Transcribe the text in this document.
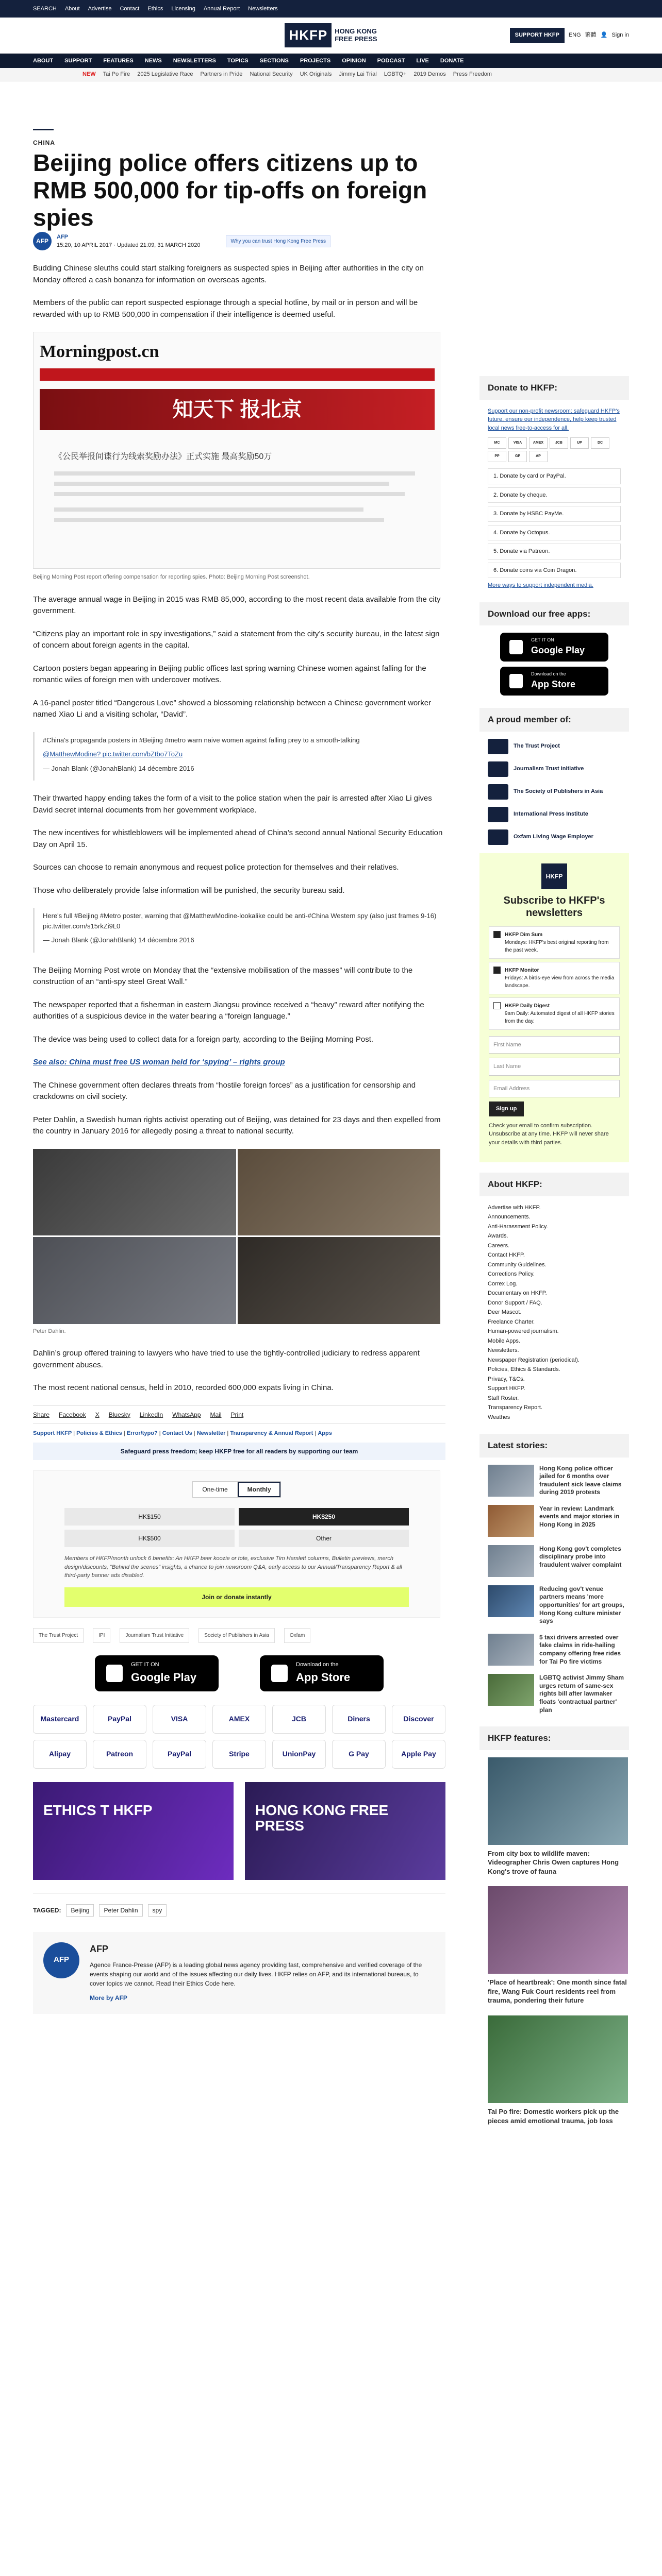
SEARCH About Advertise Contact Ethics Licensing Annual Report Newsletters
HKFP	HONG KONG
FREE PRESS	SUPPORT HKFP	ENG 繁體 👤 Sign in
ABOUT SUPPORT FEATURES NEWS NEWSLETTERS TOPICS SECTIONS PROJECTS OPINION PODCAST LIVE DONATE
NEW Tai Po Fire 2025 Legislative Race Partners in Pride National Security UK Originals Jimmy Lai Trial LGBTQ+ 2019 Demos Press Freedom
CHINA
Beijing police offers citizens up to RMB 500,000 for tip-offs on foreign spies
AFP
AFP
15:20, 10 APRIL 2017 · Updated 21:09, 31 MARCH 2020
Why you can trust Hong Kong Free Press

Budding Chinese sleuths could start stalking foreigners as suspected spies in Beijing after authorities in the city on Monday offered a cash bonanza for information on overseas agents.

Members of the public can report suspected espionage through a special hotline, by mail or in person and will be rewarded with up to RMB 500,000 in compensation if their intelligence is deemed useful.

Morningpost.cn
知天下 报北京
《公民举报间谍行为线索奖励办法》正式实施 最高奖励50万
Beijing Morning Post report offering compensation for reporting spies. Photo: Beijing Morning Post screenshot.

The average annual wage in Beijing in 2015 was RMB 85,000, according to the most recent data available from the city government.

“Citizens play an important role in spy investigations,” said a statement from the city’s security bureau, in the latest sign of concern about foreign agents in the capital.

Cartoon posters began appearing in Beijing public offices last spring warning Chinese women against falling for the romantic wiles of foreign men with undercover motives.

A 16-panel poster titled “Dangerous Love” showed a blossoming relationship between a Chinese government worker named Xiao Li and a visiting scholar, “David”.

#China's propaganda posters in #Beijing #metro warn naive women against falling prey to a smooth-talking

@MatthewModine? pic.twitter.com/bZtbo7ToZu

— Jonah Blank (@JonahBlank) 14 décembre 2016

Their thwarted happy ending takes the form of a visit to the police station when the pair is arrested after Xiao Li gives David secret internal documents from her government workplace.

The new incentives for whistleblowers will be implemented ahead of China’s second annual National Security Education Day on April 15.

Sources can choose to remain anonymous and request police protection for themselves and their relatives.

Those who deliberately provide false information will be punished, the security bureau said.

Here's full #Beijing #Metro poster, warning that @MatthewModine-lookalike could be anti-#China Western spy (also just frames 9-16) pic.twitter.com/s15rkZi9L0

— Jonah Blank (@JonahBlank) 14 décembre 2016

The Beijing Morning Post wrote on Monday that the “extensive mobilisation of the masses” will contribute to the construction of an “anti-spy steel Great Wall.”

The newspaper reported that a fisherman in eastern Jiangsu province received a “heavy” reward after notifying the authorities of a suspicious device in the water bearing a “foreign language.”

The device was being used to collect data for a foreign party, according to the Beijing Morning Post.

See also: China must free US woman held for ‘spying’ – rights group

The Chinese government often declares threats from “hostile foreign forces” as a justification for censorship and crackdowns on civil society.

Peter Dahlin, a Swedish human rights activist operating out of Beijing, was detained for 23 days and then expelled from the country in January 2016 for allegedly posing a threat to national security.

Peter Dahlin.

Dahlin’s group offered training to lawyers who have tried to use the tightly-controlled judiciary to redress apparent government abuses.

The most recent national census, held in 2010, recorded 600,000 expats living in China.

Share Facebook X Bluesky LinkedIn WhatsApp Mail Print
Support HKFP | Policies & Ethics | Error/typo? | Contact Us | Newsletter | Transparency & Annual Report | Apps
Safeguard press freedom; keep HKFP free for all readers by supporting our team
One-time	Monthly
HK$150	HK$250
HK$500	Other
Members of HKFP/month unlock 6 benefits: An HKFP beer koozie or tote, exclusive Tim Hamlett columns, Bulletin previews, merch design/discounts, “Behind the scenes” insights, a chance to join newsroom Q&A, early access to our Annual/Transparency Report & all third-party banner ads disabled.
Join or donate instantly
The Trust Project	IPI	Journalism Trust Initiative	Society of Publishers in Asia	Oxfam
GET IT ON
Google Play
Download on the
App Store
Mastercard	PayPal	VISA	AMEX	JCB	Diners	Discover
Alipay	Patreon	PayPal	Stripe	UnionPay	G Pay	Apple Pay
ETHICS T HKFP	HONG KONG FREE PRESS
TAGGED:	Beijing	Peter Dahlin	spy
AFP
AFP

Agence France-Presse (AFP) is a leading global news agency providing fast, comprehensive and verified coverage of the events shaping our world and of the issues affecting our daily lives. HKFP relies on AFP, and its international bureaus, to cover topics we cannot. Read their Ethics Code here.

More by AFP
Donate to HKFP:
Support our non-profit newsroom: safeguard HKFP's future, ensure our independence, help keep trusted local news free-to-access for all.
MC	VISA	AMEX	JCB	UP	DC
PP	GP	AP
1. Donate by card or PayPal.
2. Donate by cheque.
3. Donate by HSBC PayMe.
4. Donate by Octopus.
5. Donate via Patreon.
6. Donate coins via Coin Dragon.
More ways to support independent media.
Download our free apps:
GET IT ON
Google Play
Download on the
App Store
A proud member of:
The Trust Project
Journalism Trust Initiative
The Society of Publishers in Asia
International Press Institute
Oxfam Living Wage Employer
HKFP
Subscribe to HKFP's newsletters
HKFP Dim Sum
Mondays: HKFP's best original reporting from the past week.
HKFP Monitor
Fridays: A birds-eye view from across the media landscape.
HKFP Daily Digest
9am Daily: Automated digest of all HKFP stories from the day.
First Name
Last Name
Email Address
Sign up
Check your email to confirm subscription. Unsubscribe at any time. HKFP will never share your details with third parties.
About HKFP:
Advertise with HKFP.
Announcements.
Anti-Harassment Policy.
Awards.
Careers.
Contact HKFP.
Community Guidelines.
Corrections Policy.
Correx Log.
Documentary on HKFP.
Donor Support / FAQ.
Deer Mascot.
Freelance Charter.
Human-powered journalism.
Mobile Apps.
Newsletters.
Newspaper Registration (periodical).
Policies, Ethics & Standards.
Privacy, T&Cs.
Support HKFP.
Staff Roster.
Transparency Report.
Weathes
Latest stories:
Hong Kong police officer jailed for 6 months over fraudulent sick leave claims during 2019 protests
Year in review: Landmark events and major stories in Hong Kong in 2025
Hong Kong gov't completes disciplinary probe into fraudulent waiver complaint
Reducing gov't venue partners means 'more opportunities' for art groups, Hong Kong culture minister says
5 taxi drivers arrested over fake claims in ride-hailing company offering free rides for Tai Po fire victims
LGBTQ activist Jimmy Sham urges return of same-sex rights bill after lawmaker floats 'contractual partner' plan
HKFP features:
From city box to wildlife maven: Videographer Chris Owen captures Hong Kong's trove of fauna
'Place of heartbreak': One month since fatal fire, Wang Fuk Court residents reel from trauma, pondering their future
Tai Po fire: Domestic workers pick up the pieces amid emotional trauma, job loss
